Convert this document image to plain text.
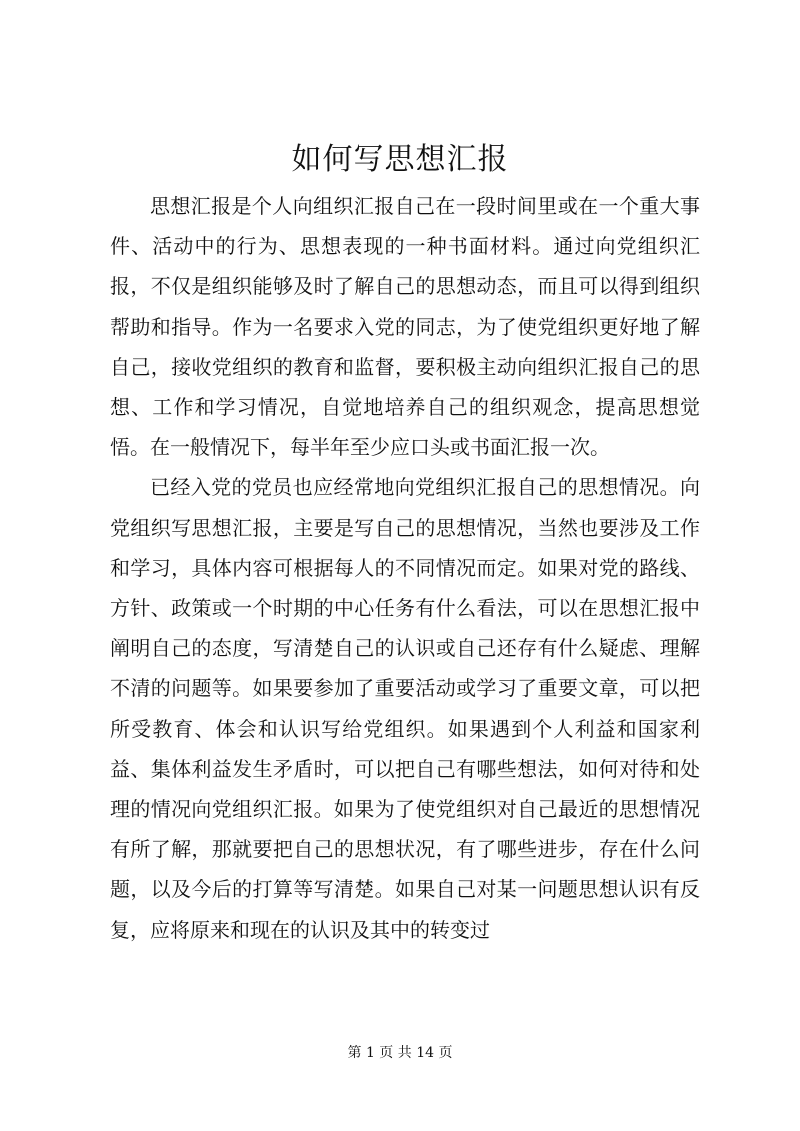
如何写思想汇报

思想汇报是个人向组织汇报自己在一段时间里或在一个重大事件、活动中的行为、思想表现的一种书面材料。通过向党组织汇报，不仅是组织能够及时了解自己的思想动态，而且可以得到组织帮助和指导。作为一名要求入党的同志，为了使党组织更好地了解自己，接收党组织的教育和监督，要积极主动向组织汇报自己的思想、工作和学习情况，自觉地培养自己的组织观念，提高思想觉悟。在一般情况下，每半年至少应口头或书面汇报一次。

已经入党的党员也应经常地向党组织汇报自己的思想情况。向党组织写思想汇报，主要是写自己的思想情况，当然也要涉及工作和学习，具体内容可根据每人的不同情况而定。如果对党的路线、方针、政策或一个时期的中心任务有什么看法，可以在思想汇报中阐明自己的态度，写清楚自己的认识或自己还存有什么疑虑、理解不清的问题等。如果要参加了重要活动或学习了重要文章，可以把所受教育、体会和认识写给党组织。如果遇到个人利益和国家利益、集体利益发生矛盾时，可以把自己有哪些想法，如何对待和处理的情况向党组织汇报。如果为了使党组织对自己最近的思想情况有所了解，那就要把自己的思想状况，有了哪些进步，存在什么问题，以及今后的打算等写清楚。如果自己对某一问题思想认识有反复，应将原来和现在的认识及其中的转变过

第 1 页 共 14 页
